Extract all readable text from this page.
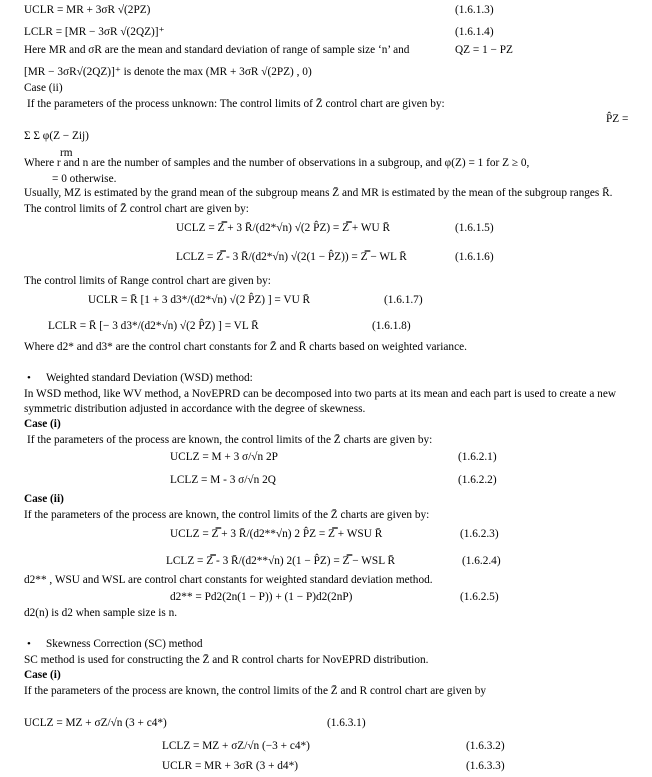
•
•
UCLR = MR + 3σR √(2PZ)	(1.6.1.3)
LCLR = [MR − 3σR √(2QZ)]⁺	(1.6.1.4)
Here MR and σR are the mean and standard deviation of range of sample size ‘n’ and	QZ = 1 − PZ
[MR − 3σR√(2QZ)]⁺ is denote the max (MR + 3σR √(2PZ) , 0)
Case (ii)
If the parameters of the process unknown: The control limits of Z̄ control chart are given by:
P̂Z =
Σ Σ φ(Z − Zij)
rm
Where r and n are the number of samples and the number of observations in a subgroup, and φ(Z) = 1 for Z ≥ 0,
= 0 otherwise.
Usually, MZ is estimated by the grand mean of the subgroup means Z̄ and MR is estimated by the mean of the subgroup ranges R̄.
The control limits of Z̄ control chart are given by:
UCLZ = Z̿ + 3 R̄/(d2*√n) √(2 P̂Z) = Z̿ + WU R̄	(1.6.1.5)
LCLZ = Z̿ - 3 R̄/(d2*√n) √(2(1 − P̂Z)) = Z̿ − WL R̄	(1.6.1.6)
The control limits of Range control chart are given by:
UCLR = R̄ [1 + 3 d3*/(d2*√n) √(2 P̂Z) ] = VU R̄	(1.6.1.7)
LCLR = R̄ [− 3 d3*/(d2*√n) √(2 P̂Z) ] = VL R̄	(1.6.1.8)
Where d2* and d3* are the control chart constants for Z̄ and R̄ charts based on weighted variance.
Weighted standard Deviation (WSD) method:
In WSD method, like WV method, a NovEPRD can be decomposed into two parts at its mean and each part is used to create a new
symmetric distribution adjusted in accordance with the degree of skewness.
Case (i)
If the parameters of the process are known, the control limits of the Z̄ charts are given by:
UCLZ = M + 3 σ/√n 2P	(1.6.2.1)
LCLZ = M - 3 σ/√n 2Q	(1.6.2.2)
Case (ii)
If the parameters of the process are known, the control limits of the Z̄ charts are given by:
UCLZ = Z̿ + 3 R̄/(d2**√n) 2 P̂Z = Z̿ + WSU R̄	(1.6.2.3)
LCLZ = Z̿ - 3 R̄/(d2**√n) 2(1 − P̂Z) = Z̿ − WSL R̄	(1.6.2.4)
d2** , WSU and WSL are control chart constants for weighted standard deviation method.
d2** = Pd2(2n(1 − P)) + (1 − P)d2(2nP)	(1.6.2.5)
d2(n) is d2 when sample size is n.
Skewness Correction (SC) method
SC method is used for constructing the Z̄ and R control charts for NovEPRD distribution.
Case (i)
If the parameters of the process are known, the control limits of the Z̄ and R control chart are given by
UCLZ = MZ + σZ/√n (3 + c4*)	(1.6.3.1)
LCLZ = MZ + σZ/√n (−3 + c4*)	(1.6.3.2)
UCLR = MR + 3σR (3 + d4*)	(1.6.3.3)
